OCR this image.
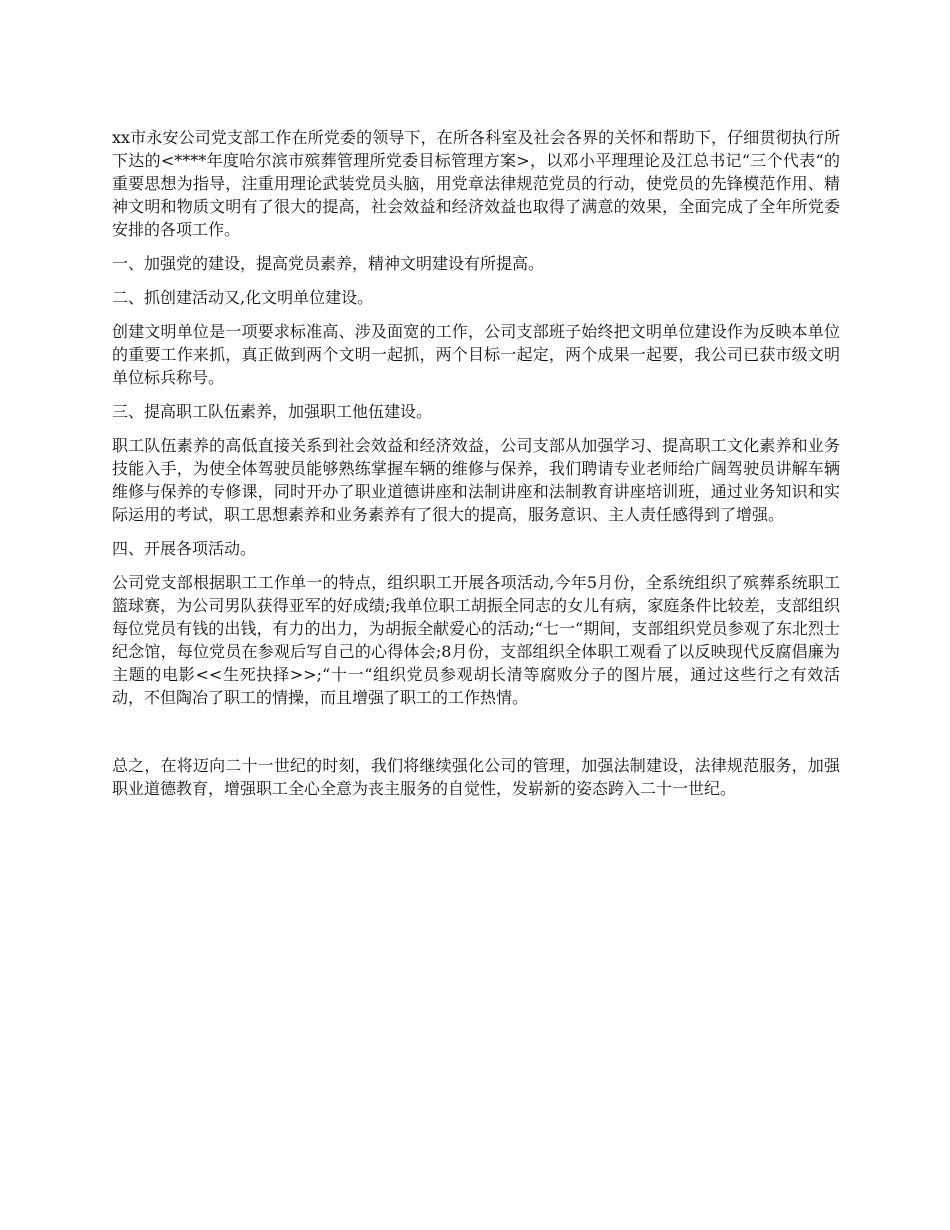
xx市永安公司党支部工作在所党委的领导下，在所各科室及社会各界的关怀和帮助下，仔细贯彻执行所下达的<****年度哈尔滨市殡葬管理所党委目标管理方案>，以邓小平理理论及江总书记“三个代表“的重要思想为指导，注重用理论武装党员头脑，用党章法律规范党员的行动，使党员的先锋模范作用、精神文明和物质文明有了很大的提高，社会效益和经济效益也取得了满意的效果，全面完成了全年所党委安排的各项工作。

一、加强党的建设，提高党员素养，精神文明建设有所提高。

二、抓创建活动又,化文明单位建设。

创建文明单位是一项要求标准高、涉及面宽的工作，公司支部班子始终把文明单位建设作为反映本单位的重要工作来抓，真正做到两个文明一起抓，两个目标一起定，两个成果一起要，我公司已获市级文明单位标兵称号。

三、提高职工队伍素养，加强职工他伍建设。

职工队伍素养的高低直接关系到社会效益和经济效益，公司支部从加强学习、提高职工文化素养和业务技能入手，为使全体驾驶员能够熟练掌握车辆的维修与保养，我们聘请专业老师给广阔驾驶员讲解车辆维修与保养的专修课，同时开办了职业道德讲座和法制讲座和法制教育讲座培训班，通过业务知识和实际运用的考试，职工思想素养和业务素养有了很大的提高，服务意识、主人责任感得到了增强。

四、开展各项活动。

公司党支部根据职工工作单一的特点，组织职工开展各项活动,今年5月份，全系统组织了殡葬系统职工篮球赛，为公司男队获得亚军的好成绩;我单位职工胡振全同志的女儿有病，家庭条件比较差，支部组织每位党员有钱的出钱，有力的出力，为胡振全献爱心的活动;“七一“期间，支部组织党员参观了东北烈士纪念馆，每位党员在参观后写自己的心得体会;8月份，支部组织全体职工观看了以反映现代反腐倡廉为主题的电影<<生死抉择>>;“十一“组织党员参观胡长清等腐败分子的图片展，通过这些行之有效活动，不但陶冶了职工的情操，而且增强了职工的工作热情。

总之，在将迈向二十一世纪的时刻，我们将继续强化公司的管理，加强法制建设，法律规范服务，加强职业道德教育，增强职工全心全意为丧主服务的自觉性，发崭新的姿态跨入二十一世纪。
